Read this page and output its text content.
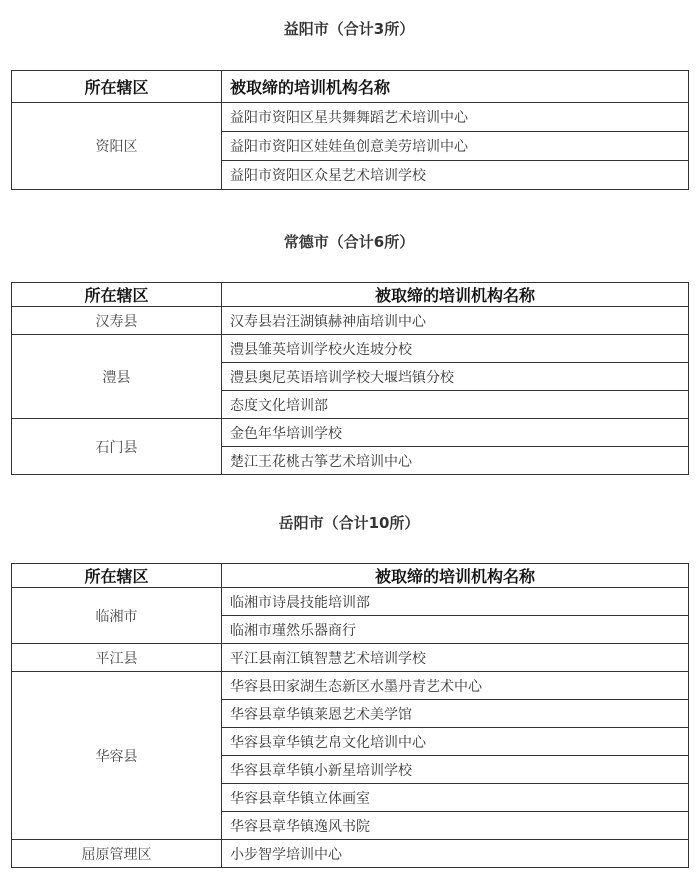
益阳市（合计3所）
所在辖区	被取缔的培训机构名称
资阳区	益阳市资阳区星共舞舞蹈艺术培训中心
	益阳市资阳区娃娃鱼创意美劳培训中心
	益阳市资阳区众星艺术培训学校
常德市（合计6所）
所在辖区	被取缔的培训机构名称
汉寿县	汉寿县岩汪湖镇赫神庙培训中心
澧县	澧县雏英培训学校火连坡分校
	澧县奥尼英语培训学校大堰垱镇分校
	态度文化培训部
石门县	金色年华培训学校
	楚江王花桃古筝艺术培训中心
岳阳市（合计10所）
所在辖区	被取缔的培训机构名称
临湘市	临湘市诗晨技能培训部
	临湘市瑾然乐器商行
平江县	平江县南江镇智慧艺术培训学校
华容县	华容县田家湖生态新区水墨丹青艺术中心
	华容县章华镇莱恩艺术美学馆
	华容县章华镇艺帛文化培训中心
	华容县章华镇小新星培训学校
	华容县章华镇立体画室
	华容县章华镇逸风书院
屈原管理区	小步智学培训中心
